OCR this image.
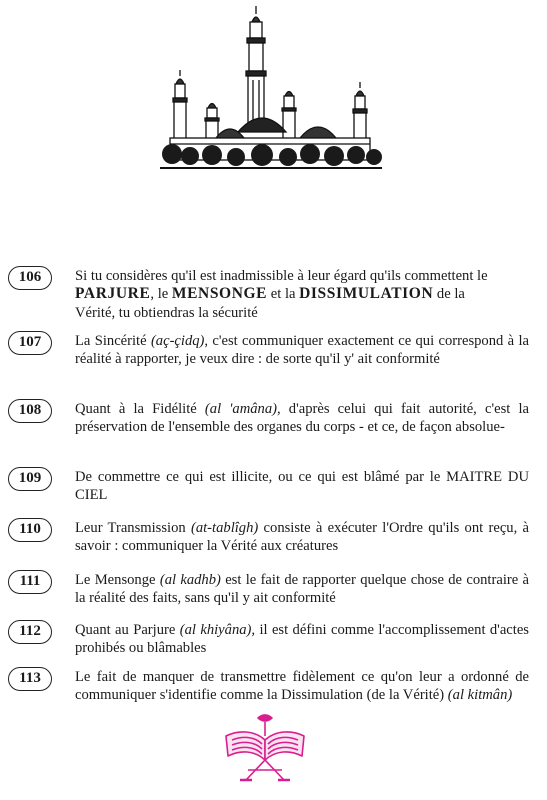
106	Si tu considères qu'il est inadmissible à leur égard qu'ils commettent le
PARJURE, le MENSONGE et la DISSIMULATION de la
Vérité, tu obtiendras la sécurité
107	La Sincérité (aç-çidq), c'est communiquer exactement ce qui correspond à la réalité à rapporter, je veux dire : de sorte qu'il y' ait conformité
108	Quant à la Fidélité (al 'amâna), d'après celui qui fait autorité, c'est la préservation de l'ensemble des organes du corps - et ce, de façon absolue-
109	De commettre ce qui est illicite, ou ce qui est blâmé par le MAITRE DU CIEL
110	Leur Transmission (at-tablîgh) consiste à exécuter l'Ordre qu'ils ont reçu, à savoir : communiquer la Vérité aux créatures
111	Le Mensonge (al kadhb) est le fait de rapporter quelque chose de contraire à la réalité des faits, sans qu'il y ait conformité
112	Quant au Parjure (al khiyâna), il est défini comme l'accomplissement d'actes prohibés ou blâmables
113	Le fait de manquer de transmettre fidèlement ce qu'on leur a ordonné de communiquer s'identifie comme la Dissimulation (de la Vérité) (al kitmân)
